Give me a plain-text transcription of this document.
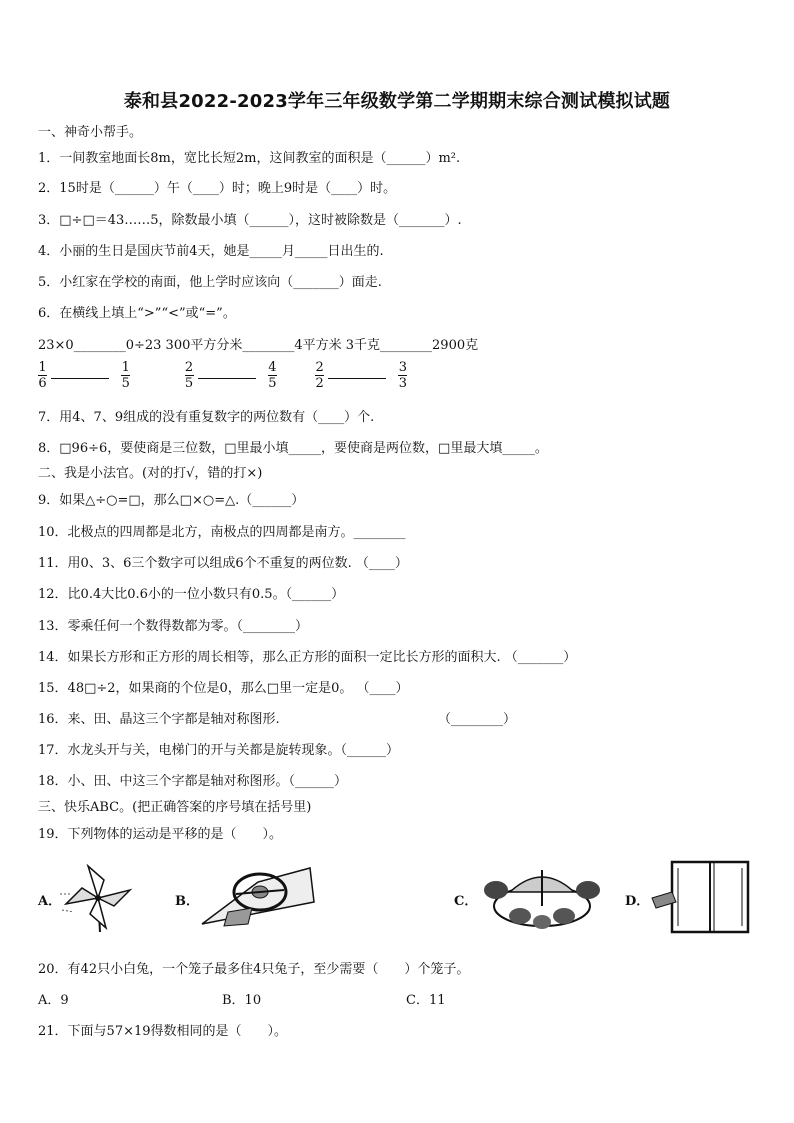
泰和县2022-2023学年三年级数学第二学期期末综合测试模拟试题
一、神奇小帮手。
1．一间教室地面长8m，宽比长短2m，这间教室的面积是（______）m².
2．15时是（______）午（____）时；晚上9时是（____）时。
3．□÷□＝43……5，除数最小填（______），这时被除数是（_______）.
4．小丽的生日是国庆节前4天，她是_____月_____日出生的.
5．小红家在学校的南面，他上学时应该向（_______）面走.
6．在横线上填上“>”“<”或“=”。
23×0________0÷23 300平方分米________4平方米 3千克________2900克
$\frac{1}{6}$
	$\frac{1}{5}$
	$\frac{2}{5}$
	$\frac{4}{5}$
	$\frac{2}{2}$
	$\frac{3}{3}$
7．用4、7、9组成的没有重复数字的两位数有（____）个.
8．□96÷6，要使商是三位数，□里最小填_____，要使商是两位数，□里最大填_____。
二、我是小法官。(对的打√，错的打×)
9．如果△÷○=□，那么□×○=△.（______）
10．北极点的四周都是北方，南极点的四周都是南方。________
11．用0、3、6三个数字可以组成6个不重复的两位数. （____）
12．比0.4大比0.6小的一位小数只有0.5。（______）
13．零乘任何一个数得数都为零。（________）
14．如果长方形和正方形的周长相等，那么正方形的面积一定比长方形的面积大. （_______）
15．48□÷2，如果商的个位是0，那么□里一定是0。 （____）
16．来、田、晶这三个字都是轴对称图形.	（________）
17．水龙头开与关，电梯门的开与关都是旋转现象。（______）
18．小、田、中这三个字都是轴对称图形。（______）
三、快乐ABC。(把正确答案的序号填在括号里)
19．下列物体的运动是平移的是（　　）。
A．	B．	C．	D．
20．有42只小白兔，一个笼子最多住4只兔子，至少需要（　　）个笼子。
A．9	B．10	C．11
21．下面与57×19得数相同的是（　　）。
